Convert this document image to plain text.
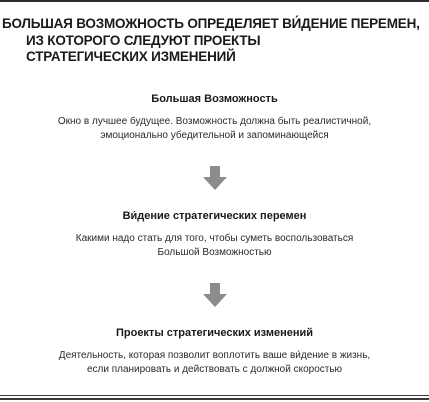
БОЛЬШАЯ ВОЗМОЖНОСТЬ ОПРЕДЕЛЯЕТ ВИ́ДЕНИЕ ПЕРЕМЕН,
ИЗ КОТОРОГО СЛЕДУЮТ ПРОЕКТЫ
СТРАТЕГИЧЕСКИХ ИЗМЕНЕНИЙ
Большая Возможность
Окно в лучшее будущее. Возможность должна быть реалистичной,
эмоционально убедительной и запоминающейся
Ви́дение стратегических перемен
Какими надо стать для того, чтобы суметь воспользоваться
Большой Возможностью
Проекты стратегических изменений
Деятельность, которая позволит воплотить ваше ви́дение в жизнь,
если планировать и действовать с должной скоростью
